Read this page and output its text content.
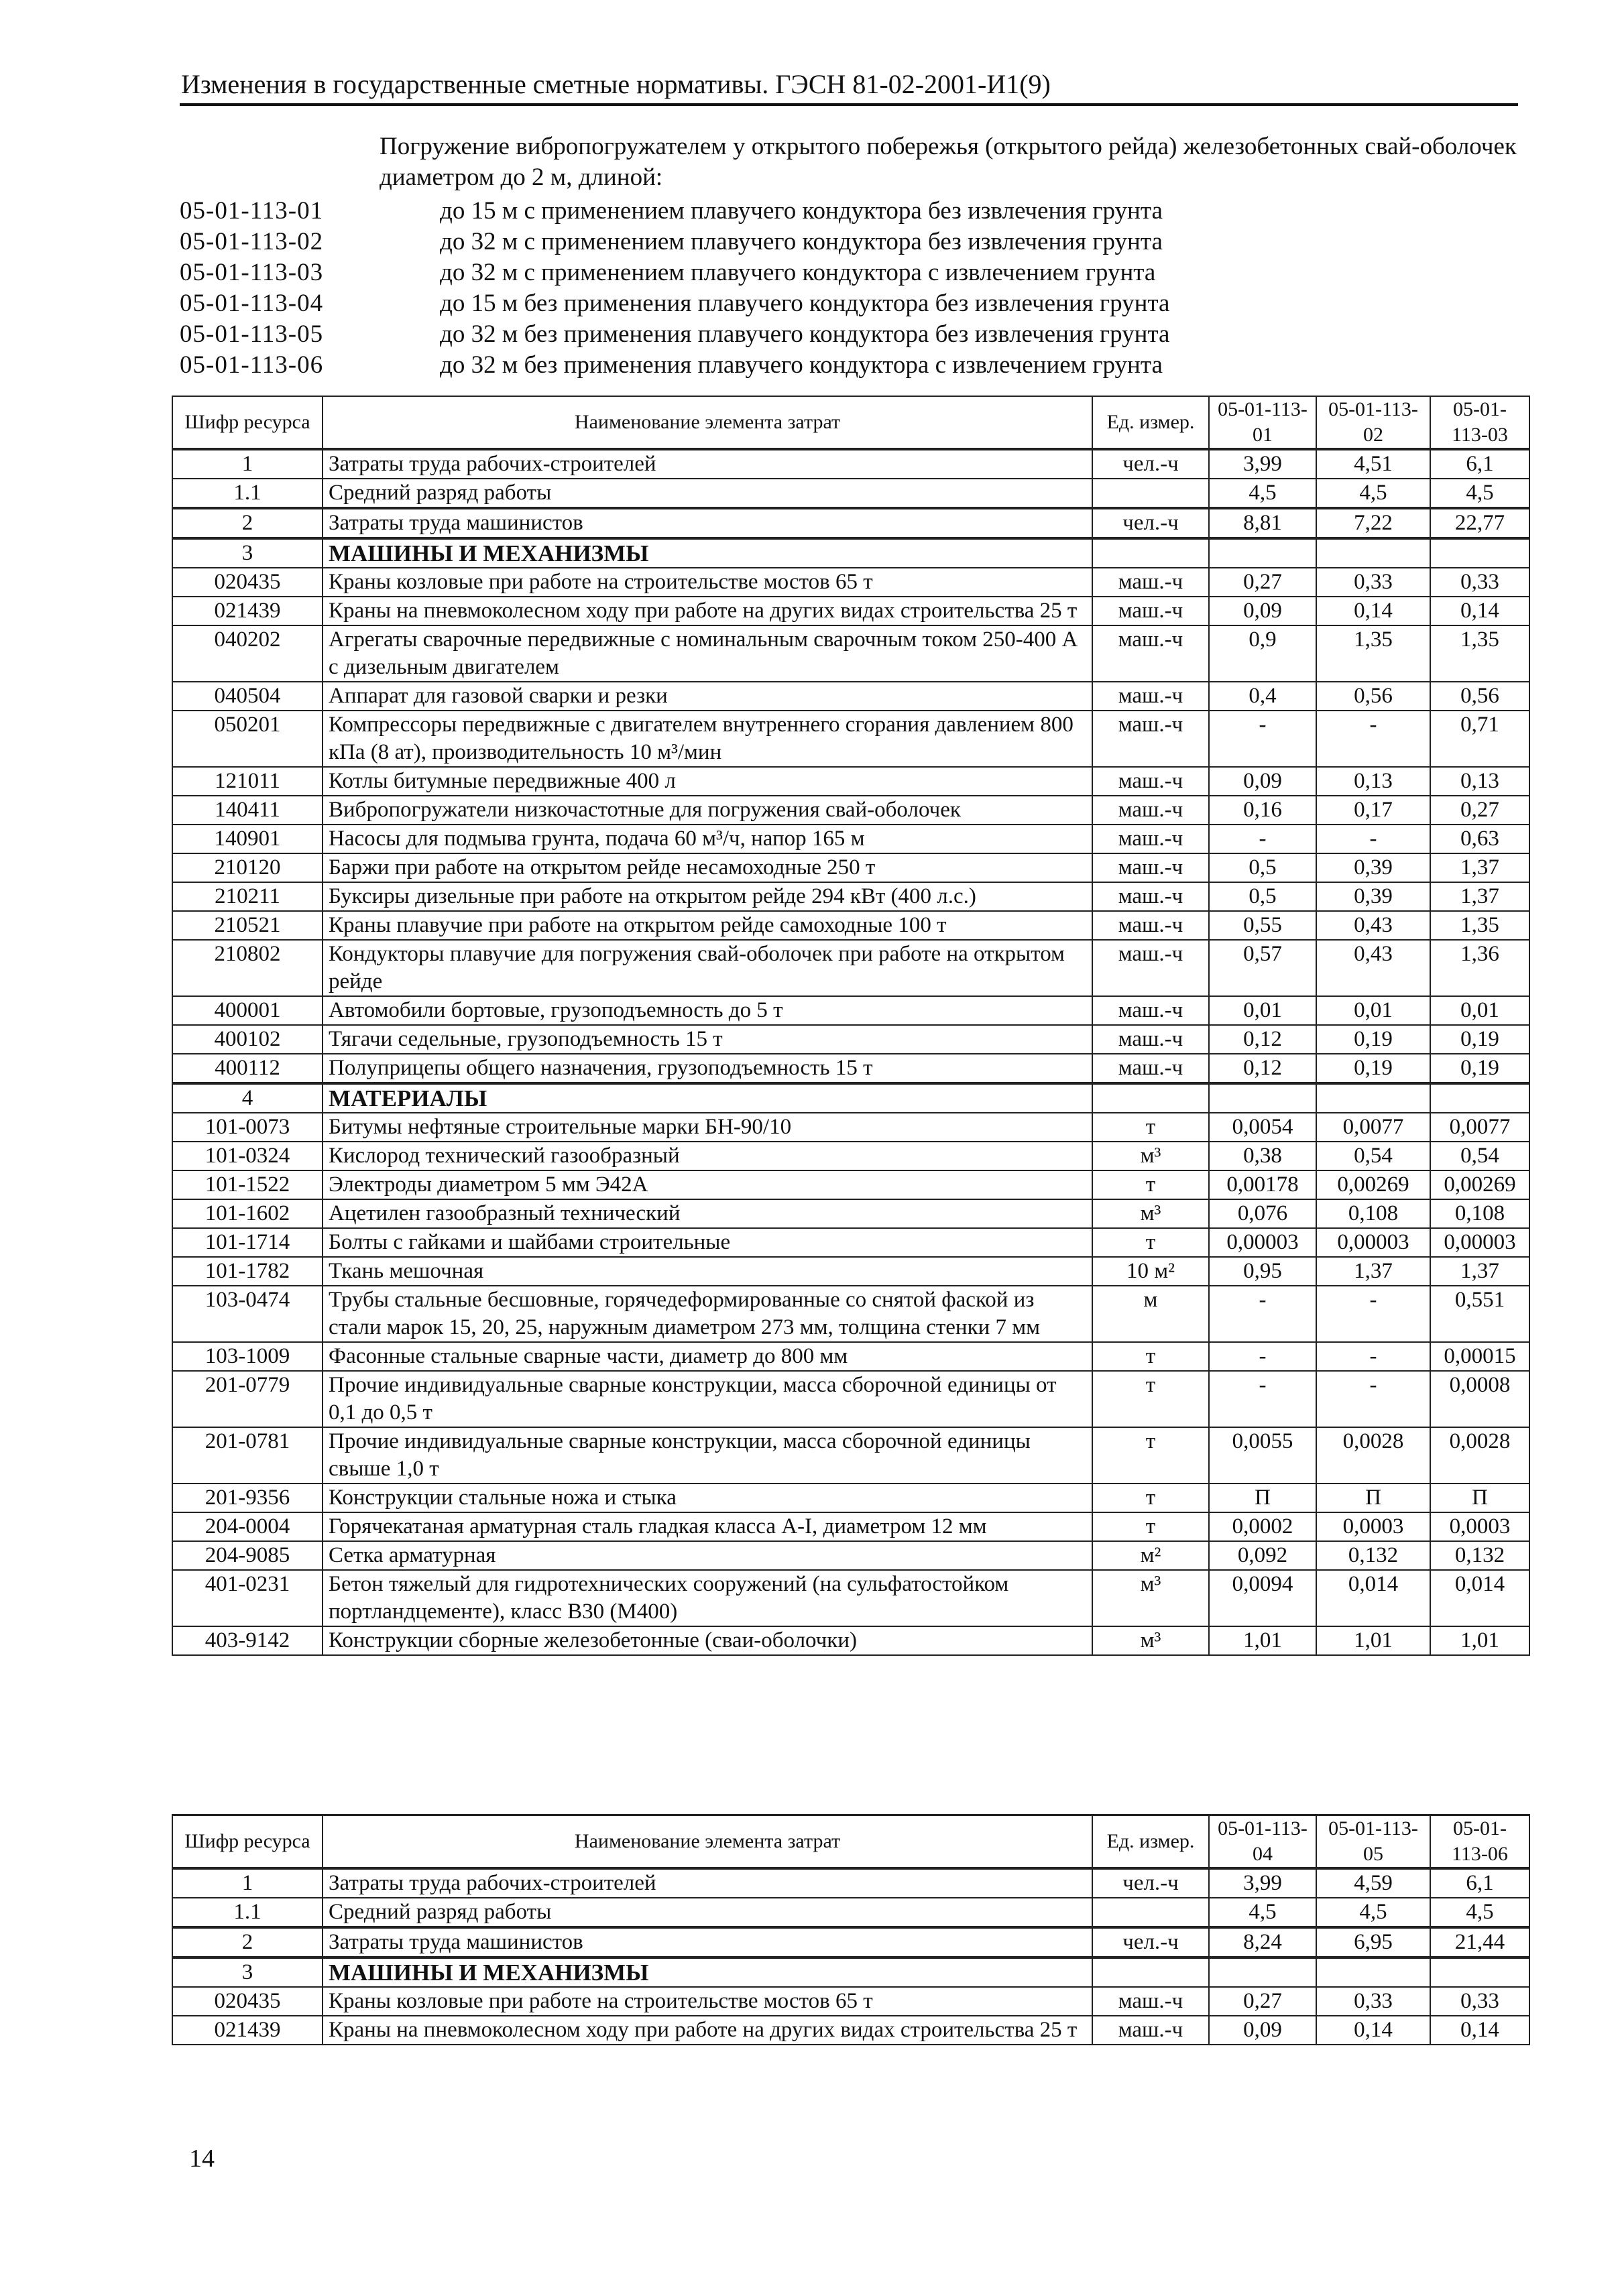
Изменения в государственные сметные нормативы. ГЭСН 81-02-2001-И1(9)
Погружение вибропогружателем у открытого побережья (открытого рейда) железобетонных свай-оболочек диаметром до 2 м, длиной:
05-01-113-01	до 15 м с применением плавучего кондуктора без извлечения грунта
05-01-113-02	до 32 м с применением плавучего кондуктора без извлечения грунта
05-01-113-03	до 32 м с применением плавучего кондуктора с извлечением грунта
05-01-113-04	до 15 м без применения плавучего кондуктора без извлечения грунта
05-01-113-05	до 32 м без применения плавучего кондуктора без извлечения грунта
05-01-113-06	до 32 м без применения плавучего кондуктора с извлечением грунта
Шифр ресурса	Наименование элемента затрат	Ед. измер.	05-01-113-01	05-01-113-02	05-01-113-03
1	Затраты труда рабочих-строителей	чел.-ч	3,99	4,51	6,1
1.1	Средний разряд работы		4,5	4,5	4,5
2	Затраты труда машинистов	чел.-ч	8,81	7,22	22,77
3	МАШИНЫ И МЕХАНИЗМЫ				
020435	Краны козловые при работе на строительстве мостов 65 т	маш.-ч	0,27	0,33	0,33
021439	Краны на пневмоколесном ходу при работе на других видах строительства 25 т	маш.-ч	0,09	0,14	0,14
040202	Агрегаты сварочные передвижные с номинальным сварочным током 250-400 А с дизельным двигателем	маш.-ч	0,9	1,35	1,35
040504	Аппарат для газовой сварки и резки	маш.-ч	0,4	0,56	0,56
050201	Компрессоры передвижные с двигателем внутреннего сгорания давлением 800 кПа (8 ат), производительность 10 м³/мин	маш.-ч	-	-	0,71
121011	Котлы битумные передвижные 400 л	маш.-ч	0,09	0,13	0,13
140411	Вибропогружатели низкочастотные для погружения свай-оболочек	маш.-ч	0,16	0,17	0,27
140901	Насосы для подмыва грунта, подача 60 м³/ч, напор 165 м	маш.-ч	-	-	0,63
210120	Баржи при работе на открытом рейде несамоходные 250 т	маш.-ч	0,5	0,39	1,37
210211	Буксиры дизельные при работе на открытом рейде 294 кВт (400 л.с.)	маш.-ч	0,5	0,39	1,37
210521	Краны плавучие при работе на открытом рейде самоходные 100 т	маш.-ч	0,55	0,43	1,35
210802	Кондукторы плавучие для погружения свай-оболочек при работе на открытом рейде	маш.-ч	0,57	0,43	1,36
400001	Автомобили бортовые, грузоподъемность до 5 т	маш.-ч	0,01	0,01	0,01
400102	Тягачи седельные, грузоподъемность 15 т	маш.-ч	0,12	0,19	0,19
400112	Полуприцепы общего назначения, грузоподъемность 15 т	маш.-ч	0,12	0,19	0,19
4	МАТЕРИАЛЫ				
101-0073	Битумы нефтяные строительные марки БН-90/10	т	0,0054	0,0077	0,0077
101-0324	Кислород технический газообразный	м³	0,38	0,54	0,54
101-1522	Электроды диаметром 5 мм Э42А	т	0,00178	0,00269	0,00269
101-1602	Ацетилен газообразный технический	м³	0,076	0,108	0,108
101-1714	Болты с гайками и шайбами строительные	т	0,00003	0,00003	0,00003
101-1782	Ткань мешочная	10 м²	0,95	1,37	1,37
103-0474	Трубы стальные бесшовные, горячедеформированные со снятой фаской из стали марок 15, 20, 25, наружным диаметром 273 мм, толщина стенки 7 мм	м	-	-	0,551
103-1009	Фасонные стальные сварные части, диаметр до 800 мм	т	-	-	0,00015
201-0779	Прочие индивидуальные сварные конструкции, масса сборочной единицы от 0,1 до 0,5 т	т	-	-	0,0008
201-0781	Прочие индивидуальные сварные конструкции, масса сборочной единицы свыше 1,0 т	т	0,0055	0,0028	0,0028
201-9356	Конструкции стальные ножа и стыка	т	П	П	П
204-0004	Горячекатаная арматурная сталь гладкая класса А-I, диаметром 12 мм	т	0,0002	0,0003	0,0003
204-9085	Сетка арматурная	м²	0,092	0,132	0,132
401-0231	Бетон тяжелый для гидротехнических сооружений (на сульфатостойком портландцементе), класс В30 (М400)	м³	0,0094	0,014	0,014
403-9142	Конструкции сборные железобетонные (сваи-оболочки)	м³	1,01	1,01	1,01
Шифр ресурса	Наименование элемента затрат	Ед. измер.	05-01-113-04	05-01-113-05	05-01-113-06
1	Затраты труда рабочих-строителей	чел.-ч	3,99	4,59	6,1
1.1	Средний разряд работы		4,5	4,5	4,5
2	Затраты труда машинистов	чел.-ч	8,24	6,95	21,44
3	МАШИНЫ И МЕХАНИЗМЫ				
020435	Краны козловые при работе на строительстве мостов 65 т	маш.-ч	0,27	0,33	0,33
021439	Краны на пневмоколесном ходу при работе на других видах строительства 25 т	маш.-ч	0,09	0,14	0,14
14
